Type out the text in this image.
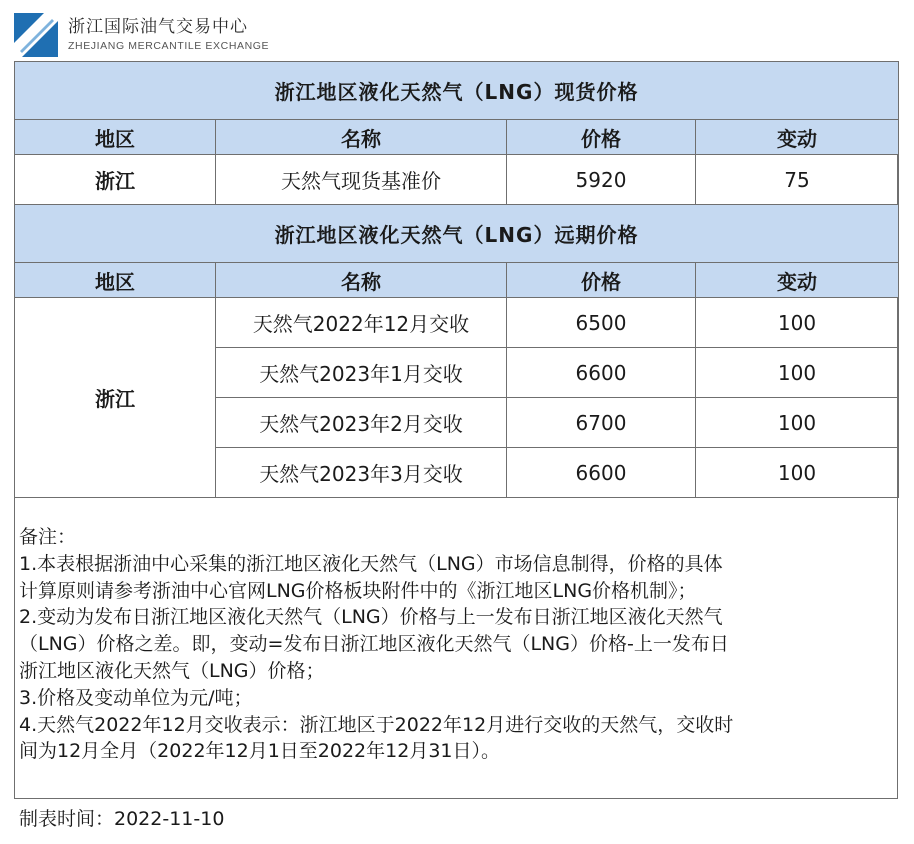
浙江国际油气交易中心
ZHEJIANG MERCANTILE EXCHANGE
浙江地区液化天然气（LNG）现货价格			
地区	名称	价格	变动
浙江	天然气现货基准价	5920	75
浙江地区液化天然气（LNG）远期价格			
地区	名称	价格	变动
浙江	天然气2022年12月交收	6500	100
	天然气2023年1月交收	6600	100
	天然气2023年2月交收	6700	100
	天然气2023年3月交收	6600	100

备注：

1.本表根据浙油中心采集的浙江地区液化天然气（LNG）市场信息制得，价格的具体

计算原则请参考浙油中心官网LNG价格板块附件中的《浙江地区LNG价格机制》；

2.变动为发布日浙江地区液化天然气（LNG）价格与上一发布日浙江地区液化天然气

（LNG）价格之差。即，变动=发布日浙江地区液化天然气（LNG）价格-上一发布日

浙江地区液化天然气（LNG）价格；

3.价格及变动单位为元/吨；

4.天然气2022年12月交收表示：浙江地区于2022年12月进行交收的天然气，交收时

间为12月全月（2022年12月1日至2022年12月31日）。

制表时间：2022-11-10
